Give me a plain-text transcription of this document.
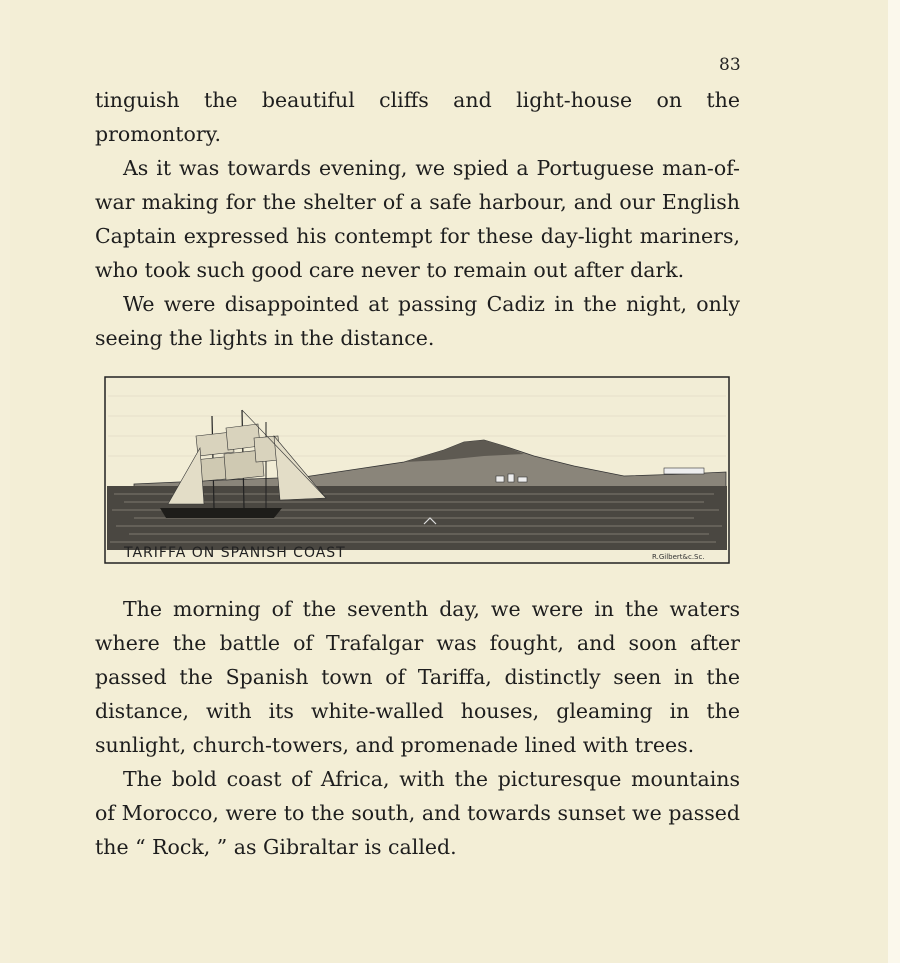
83

tinguish the beautiful cliffs and light-house on the promontory.

As it was towards evening, we spied a Portuguese man-of-war making for the shelter of a safe harbour, and our English Captain expressed his contempt for these day-light mariners, who took such good care never to remain out after dark.

We were disappointed at passing Cadiz in the night, only seeing the lights in the distance.

TARIFFA ON SPANISH COAST	R.Gilbert&c.Sc.

The morning of the seventh day, we were in the waters where the battle of Trafalgar was fought, and soon after passed the Spanish town of Tariffa, distinctly seen in the distance, with its white-walled houses, gleaming in the sunlight, church-towers, and promenade lined with trees.

The bold coast of Africa, with the picturesque mountains of Morocco, were to the south, and towards sunset we passed the “ Rock, ” as Gibraltar is called.
